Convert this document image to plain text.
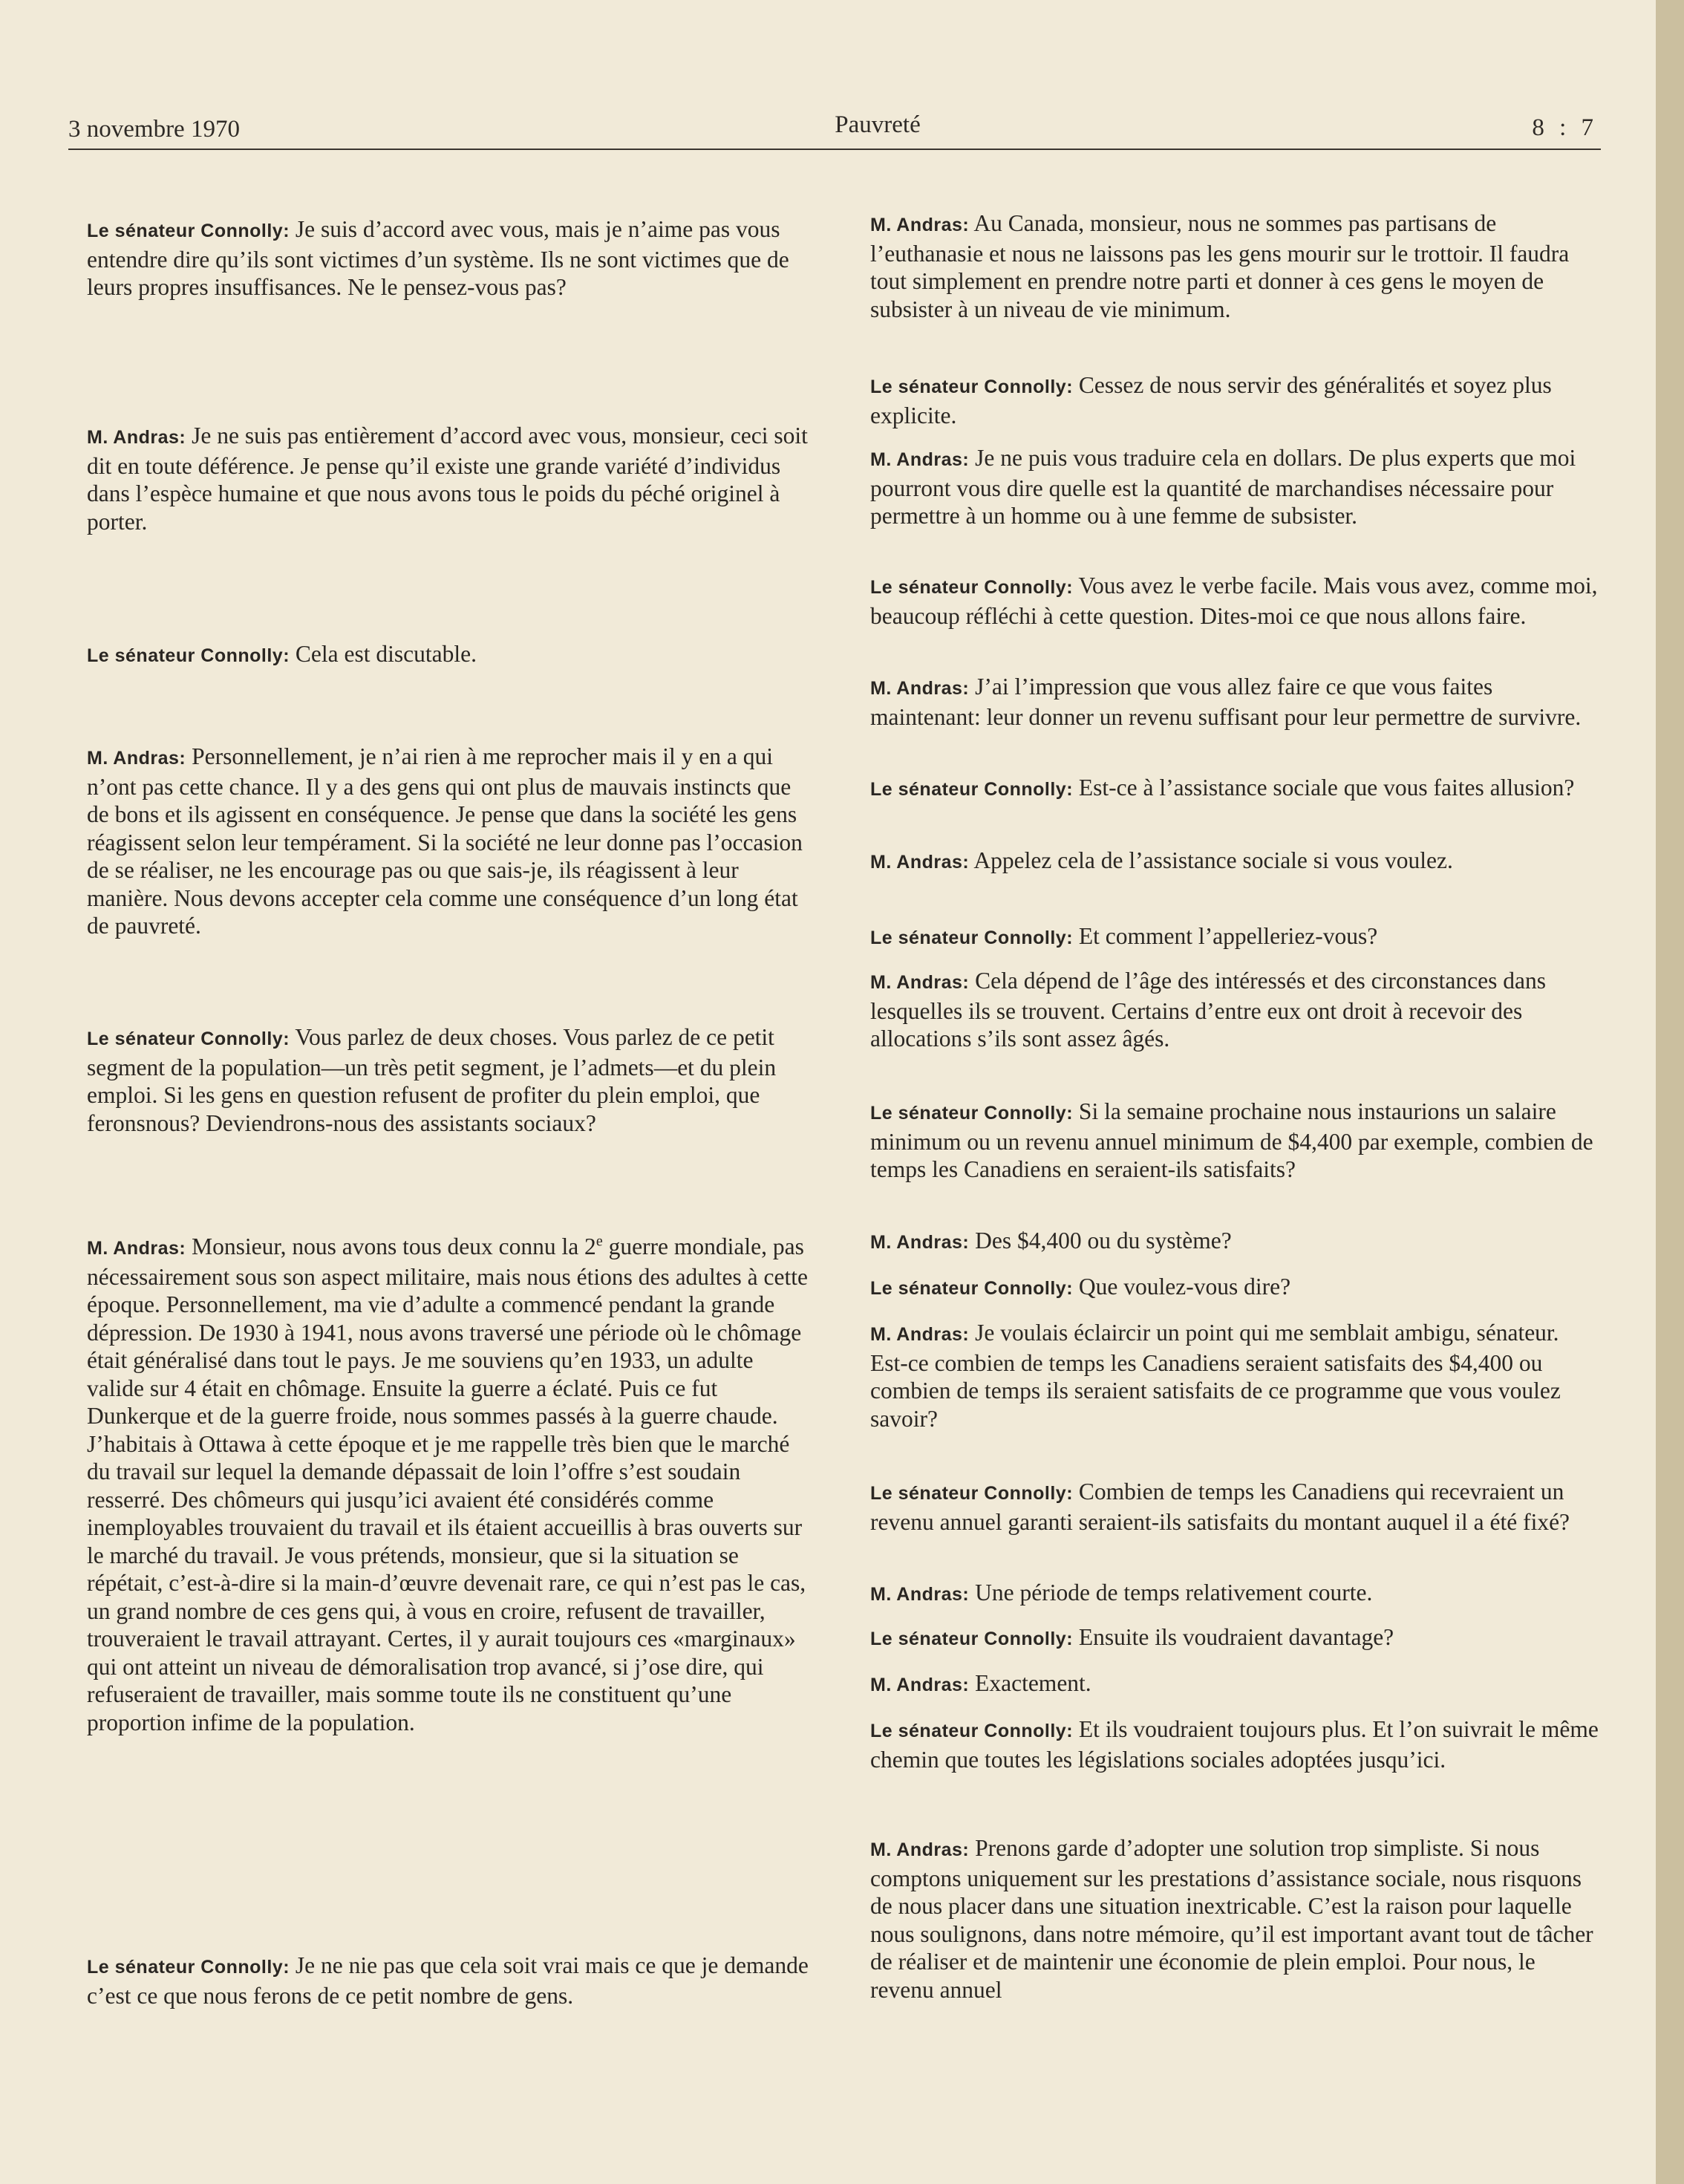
3 novembre 1970	Pauvreté	8 : 7

Le sénateur Connolly: Je suis d’accord avec vous, mais je n’aime pas vous entendre dire qu’ils sont victimes d’un système. Ils ne sont victimes que de leurs propres insuffisances. Ne le pensez-vous pas?

M. Andras: Je ne suis pas entièrement d’accord avec vous, monsieur, ceci soit dit en toute déférence. Je pense qu’il existe une grande variété d’individus dans l’espèce humaine et que nous avons tous le poids du péché originel à porter.

Le sénateur Connolly: Cela est discutable.

M. Andras: Personnellement, je n’ai rien à me reprocher mais il y en a qui n’ont pas cette chance. Il y a des gens qui ont plus de mauvais instincts que de bons et ils agissent en conséquence. Je pense que dans la société les gens réagissent selon leur tempérament. Si la société ne leur donne pas l’occasion de se réaliser, ne les encourage pas ou que sais-je, ils réagissent à leur manière. Nous devons accepter cela comme une conséquence d’un long état de pauvreté.

Le sénateur Connolly: Vous parlez de deux choses. Vous parlez de ce petit segment de la population—un très petit segment, je l’admets—et du plein emploi. Si les gens en question refusent de profiter du plein emploi, que feronsnous? Deviendrons-nous des assistants sociaux?

M. Andras: Monsieur, nous avons tous deux connu la 2e guerre mondiale, pas nécessairement sous son aspect militaire, mais nous étions des adultes à cette époque. Personnellement, ma vie d’adulte a commencé pendant la grande dépression. De 1930 à 1941, nous avons traversé une période où le chômage était généralisé dans tout le pays. Je me souviens qu’en 1933, un adulte valide sur 4 était en chômage. Ensuite la guerre a éclaté. Puis ce fut Dunkerque et de la guerre froide, nous sommes passés à la guerre chaude. J’habitais à Ottawa à cette époque et je me rappelle très bien que le marché du travail sur lequel la demande dépassait de loin l’offre s’est soudain resserré. Des chômeurs qui jusqu’ici avaient été considérés comme inemployables trouvaient du travail et ils étaient accueillis à bras ouverts sur le marché du travail. Je vous prétends, monsieur, que si la situation se répétait, c’est-à-dire si la main-d’œuvre devenait rare, ce qui n’est pas le cas, un grand nombre de ces gens qui, à vous en croire, refusent de travailler, trouveraient le travail attrayant. Certes, il y aurait toujours ces «marginaux» qui ont atteint un niveau de démoralisation trop avancé, si j’ose dire, qui refuseraient de travailler, mais somme toute ils ne constituent qu’une proportion infime de la population.

Le sénateur Connolly: Je ne nie pas que cela soit vrai mais ce que je demande c’est ce que nous ferons de ce petit nombre de gens.

M. Andras: Au Canada, monsieur, nous ne sommes pas partisans de l’euthanasie et nous ne laissons pas les gens mourir sur le trottoir. Il faudra tout simplement en prendre notre parti et donner à ces gens le moyen de subsister à un niveau de vie minimum.

Le sénateur Connolly: Cessez de nous servir des généralités et soyez plus explicite.

M. Andras: Je ne puis vous traduire cela en dollars. De plus experts que moi pourront vous dire quelle est la quantité de marchandises nécessaire pour permettre à un homme ou à une femme de subsister.

Le sénateur Connolly: Vous avez le verbe facile. Mais vous avez, comme moi, beaucoup réfléchi à cette question. Dites-moi ce que nous allons faire.

M. Andras: J’ai l’impression que vous allez faire ce que vous faites maintenant: leur donner un revenu suffisant pour leur permettre de survivre.

Le sénateur Connolly: Est-ce à l’assistance sociale que vous faites allusion?

M. Andras: Appelez cela de l’assistance sociale si vous voulez.

Le sénateur Connolly: Et comment l’appelleriez-vous?

M. Andras: Cela dépend de l’âge des intéressés et des circonstances dans lesquelles ils se trouvent. Certains d’entre eux ont droit à recevoir des allocations s’ils sont assez âgés.

Le sénateur Connolly: Si la semaine prochaine nous instaurions un salaire minimum ou un revenu annuel minimum de $4,400 par exemple, combien de temps les Canadiens en seraient-ils satisfaits?

M. Andras: Des $4,400 ou du système?

Le sénateur Connolly: Que voulez-vous dire?

M. Andras: Je voulais éclaircir un point qui me semblait ambigu, sénateur. Est-ce combien de temps les Canadiens seraient satisfaits des $4,400 ou combien de temps ils seraient satisfaits de ce programme que vous voulez savoir?

Le sénateur Connolly: Combien de temps les Canadiens qui recevraient un revenu annuel garanti seraient-ils satisfaits du montant auquel il a été fixé?

M. Andras: Une période de temps relativement courte.

Le sénateur Connolly: Ensuite ils voudraient davantage?

M. Andras: Exactement.

Le sénateur Connolly: Et ils voudraient toujours plus. Et l’on suivrait le même chemin que toutes les législations sociales adoptées jusqu’ici.

M. Andras: Prenons garde d’adopter une solution trop simpliste. Si nous comptons uniquement sur les prestations d’assistance sociale, nous risquons de nous placer dans une situation inextricable. C’est la raison pour laquelle nous soulignons, dans notre mémoire, qu’il est important avant tout de tâcher de réaliser et de maintenir une économie de plein emploi. Pour nous, le revenu annuel
